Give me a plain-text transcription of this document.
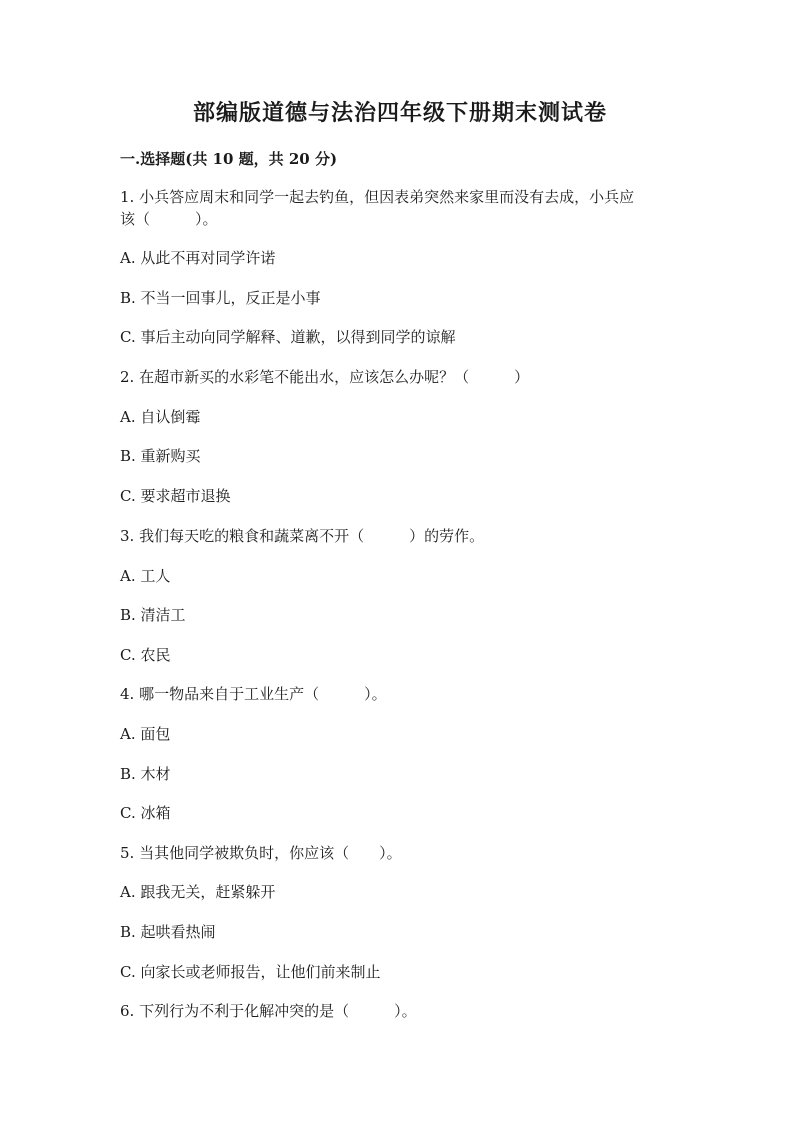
部编版道德与法治四年级下册期末测试卷
一.选择题(共 10 题，共 20 分)
1. 小兵答应周末和同学一起去钓鱼，但因表弟突然来家里而没有去成，小兵应
该（　　　）。
A. 从此不再对同学许诺
B. 不当一回事儿，反正是小事
C. 事后主动向同学解释、道歉，以得到同学的谅解
2. 在超市新买的水彩笔不能出水，应该怎么办呢？（　　　）
A. 自认倒霉
B. 重新购买
C. 要求超市退换
3. 我们每天吃的粮食和蔬菜离不开（　　　）的劳作。
A. 工人
B. 清洁工
C. 农民
4. 哪一物品来自于工业生产（　　　）。
A. 面包
B. 木材
C. 冰箱
5. 当其他同学被欺负时，你应该（　　）。
A. 跟我无关，赶紧躲开
B. 起哄看热闹
C. 向家长或老师报告，让他们前来制止
6. 下列行为不利于化解冲突的是（　　　）。
